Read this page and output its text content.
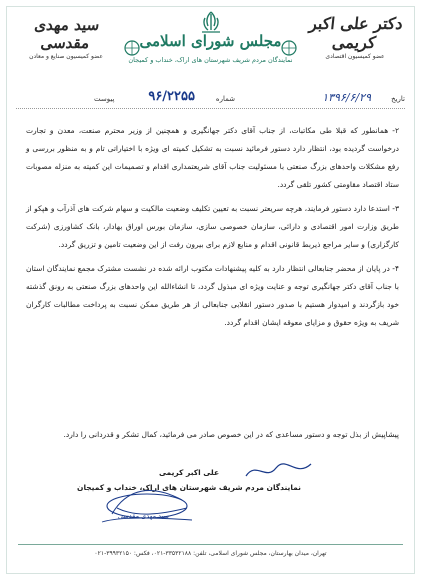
سید مهدی مقدسی
عضو کمیسیون صنایع و معادن
مجلس شورای اسلامی
نمایندگان مردم شریف شهرستان های اراک، خنداب و کمیجان
دکتر علی اکبر کریمی
عضو کمیسیون اقتصادی
تاریخ
۱۳۹۶/۶/۲۹
شماره
۹۶/۲۲۵۵
پیوست

۲- همانطور که قبلا طی مکاتبات، از جناب آقای دکتر جهانگیری و همچنین از وزیر محترم صنعت، معدن و تجارت درخواست گردیده بود، انتظار دارد دستور فرمائید نسبت به تشکیل کمیته ای ویژه با اختیاراتی تام و به منظور بررسی و رفع مشکلات واحدهای بزرگ صنعتی با مسئولیت جناب آقای شریعتمداری اقدام و تصمیمات این کمیته به منزله مصوبات ستاد اقتصاد مقاومتی کشور تلقی گردد.

۳- استدعا دارد دستور فرمایند، هرچه سریعتر نسبت به تعیین تکلیف وضعیت مالکیت و سهام شرکت های آذرآب و هپکو از طریق وزارت امور اقتصادی و دارائی، سازمان خصوصی سازی، سازمان بورس اوراق بهادار، بانک کشاورزی (شرکت کارگزاری) و سایر مراجع ذیربط قانونی اقدام و منابع لازم برای بیرون رفت از این وضعیت تامین و تزریق گردد.

۴- در پایان از محضر جنابعالی انتظار دارد به کلیه پیشنهادات مکتوب ارائه شده در نشست مشترک مجمع نمایندگان استان با جناب آقای دکتر جهانگیری توجه و عنایت ویژه ای مبذول گردد، تا انشاءالله این واحدهای بزرگ صنعتی به رونق گذشته خود بازگردند و امیدوار هستیم با صدور دستور انقلابی جنابعالی از هر طریق ممکن نسبت به پرداخت مطالبات کارگران شریف به ویژه حقوق و مزایای معوقه ایشان اقدام گردد.

پیشاپیش از بذل توجه و دستور مساعدی که در این خصوص صادر می فرمائید، کمال تشکر و قدردانی را دارد.
علی اکبر کریمی
نمایندگان مردم شریف شهرستان های اراک، خنداب و کمیجان
سید مهدی مقدسی
تهران، میدان بهارستان، مجلس شورای اسلامی، تلفن: ۳۳۵۳۲۱۸۸-۰۲۱، فکس: ۳۹۹۳۲۱۵۰-۰۲۱
